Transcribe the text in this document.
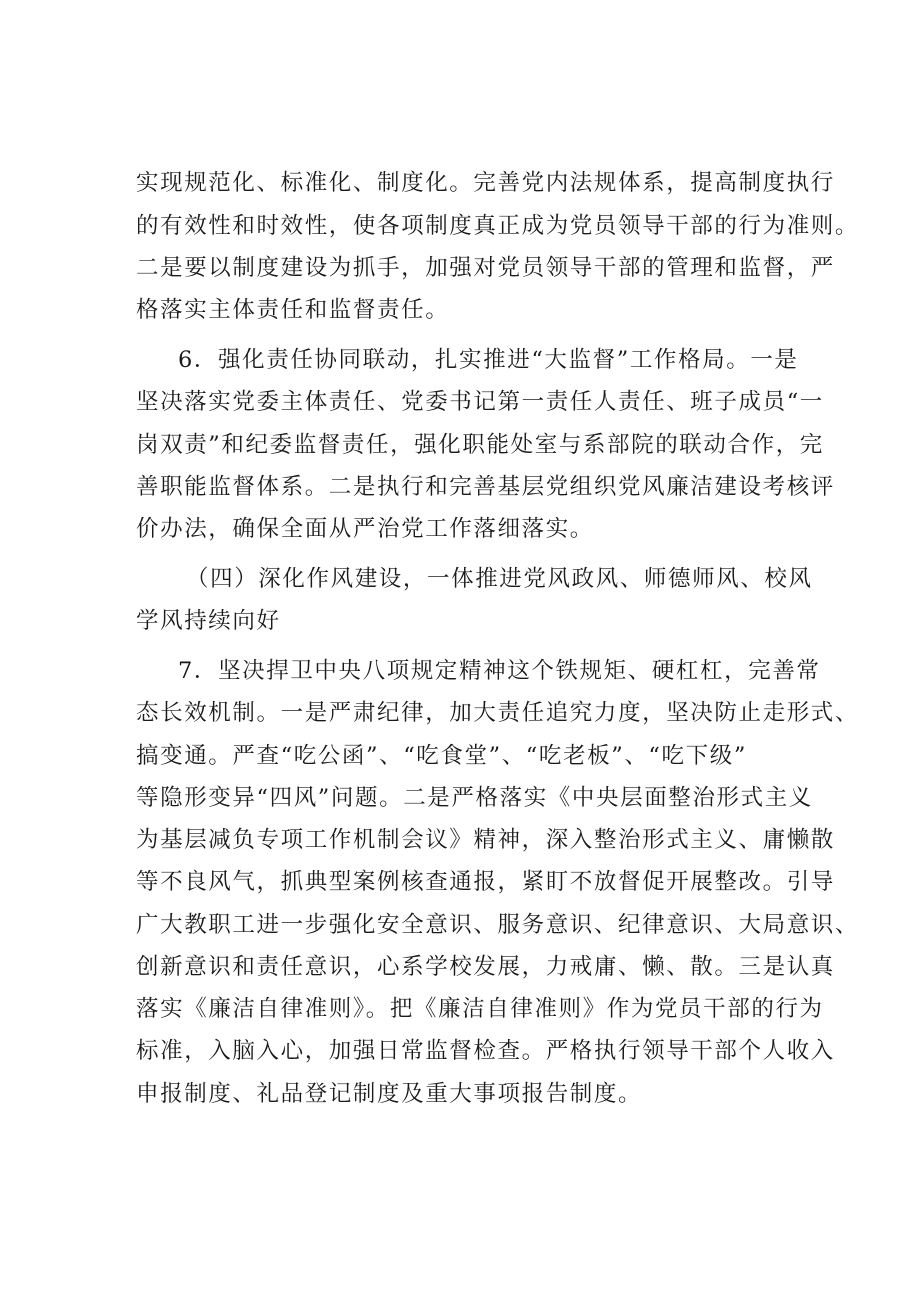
实现规范化、标准化、制度化。完善党内法规体系，提高制度执行
的有效性和时效性，使各项制度真正成为党员领导干部的行为准则。
二是要以制度建设为抓手，加强对党员领导干部的管理和监督，严
格落实主体责任和监督责任。
6．强化责任协同联动，扎实推进“大监督”工作格局。一是
坚决落实党委主体责任、党委书记第一责任人责任、班子成员“一
岗双责”和纪委监督责任，强化职能处室与系部院的联动合作，完
善职能监督体系。二是执行和完善基层党组织党风廉洁建设考核评
价办法，确保全面从严治党工作落细落实。
（四）深化作风建设，一体推进党风政风、师德师风、校风
学风持续向好
7．坚决捍卫中央八项规定精神这个铁规矩、硬杠杠，完善常
态长效机制。一是严肃纪律，加大责任追究力度，坚决防止走形式、
搞变通。严查“吃公函”、“吃食堂”、“吃老板”、“吃下级”
等隐形变异“四风”问题。二是严格落实《中央层面整治形式主义
为基层减负专项工作机制会议》精神，深入整治形式主义、庸懒散
等不良风气，抓典型案例核查通报，紧盯不放督促开展整改。引导
广大教职工进一步强化安全意识、服务意识、纪律意识、大局意识、
创新意识和责任意识，心系学校发展，力戒庸、懒、散。三是认真
落实《廉洁自律准则》。把《廉洁自律准则》作为党员干部的行为
标准，入脑入心，加强日常监督检查。严格执行领导干部个人收入
申报制度、礼品登记制度及重大事项报告制度。
